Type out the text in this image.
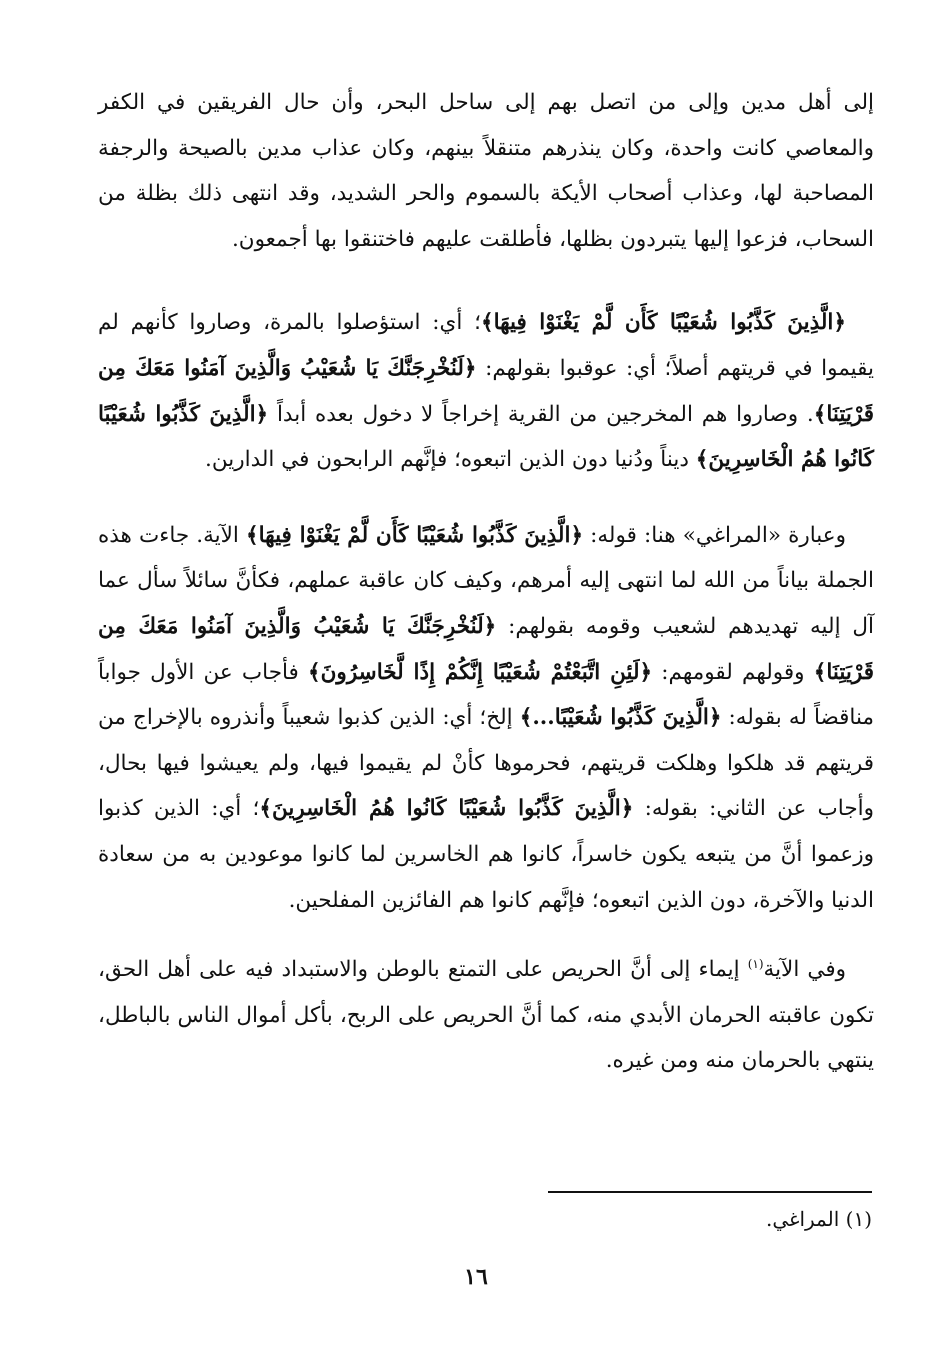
إلى أهل مدين وإلى من اتصل بهم إلى ساحل البحر، وأن حال الفريقين في الكفر والمعاصي كانت واحدة، وكان ينذرهم متنقلاً بينهم، وكان عذاب مدين بالصيحة والرجفة المصاحبة لها، وعذاب أصحاب الأيكة بالسموم والحر الشديد، وقد انتهى ذلك بظلة من السحاب، فزعوا إليها يتبردون بظلها، فأطلقت عليهم فاختنقوا بها أجمعون.

﴿الَّذِينَ كَذَّبُوا شُعَيْبًا كَأَن لَّمْ يَغْنَوْا فِيهَا﴾؛ أي: استؤصلوا بالمرة، وصاروا كأنهم لم يقيموا في قريتهم أصلاً؛ أي: عوقبوا بقولهم: ﴿لَنُخْرِجَنَّكَ يَا شُعَيْبُ وَالَّذِينَ آمَنُوا مَعَكَ مِن قَرْيَتِنَا﴾. وصاروا هم المخرجين من القرية إخراجاً لا دخول بعده أبداً ﴿الَّذِينَ كَذَّبُوا شُعَيْبًا كَانُوا هُمُ الْخَاسِرِينَ﴾ ديناً ودُنيا دون الذين اتبعوه؛ فإنَّهم الرابحون في الدارين.

وعبارة «المراغي» هنا: قوله: ﴿الَّذِينَ كَذَّبُوا شُعَيْبًا كَأَن لَّمْ يَغْنَوْا فِيهَا﴾ الآية. جاءت هذه الجملة بياناً من الله لما انتهى إليه أمرهم، وكيف كان عاقبة عملهم، فكأنَّ سائلاً سأل عما آل إليه تهديدهم لشعيب وقومه بقولهم: ﴿لَنُخْرِجَنَّكَ يَا شُعَيْبُ وَالَّذِينَ آمَنُوا مَعَكَ مِن قَرْيَتِنَا﴾ وقولهم لقومهم: ﴿لَئِنِ اتَّبَعْتُمْ شُعَيْبًا إِنَّكُمْ إِذًا لَّخَاسِرُونَ﴾ فأجاب عن الأول جواباً مناقضاً له بقوله: ﴿الَّذِينَ كَذَّبُوا شُعَيْبًا...﴾ إلخ؛ أي: الذين كذبوا شعيباً وأنذروه بالإخراج من قريتهم قد هلكوا وهلكت قريتهم، فحرموها كأنْ لم يقيموا فيها، ولم يعيشوا فيها بحال، وأجاب عن الثاني: بقوله: ﴿الَّذِينَ كَذَّبُوا شُعَيْبًا كَانُوا هُمُ الْخَاسِرِينَ﴾؛ أي: الذين كذبوا وزعموا أنَّ من يتبعه يكون خاسراً، كانوا هم الخاسرين لما كانوا موعودين به من سعادة الدنيا والآخرة، دون الذين اتبعوه؛ فإنَّهم كانوا هم الفائزين المفلحين.

وفي الآية$^{(١)}$ إيماء إلى أنَّ الحريص على التمتع بالوطن والاستبداد فيه على أهل الحق، تكون عاقبته الحرمان الأبدي منه، كما أنَّ الحريص على الربح، بأكل أموال الناس بالباطل، ينتهي بالحرمان منه ومن غيره.

(١) المراغي.
١٦
